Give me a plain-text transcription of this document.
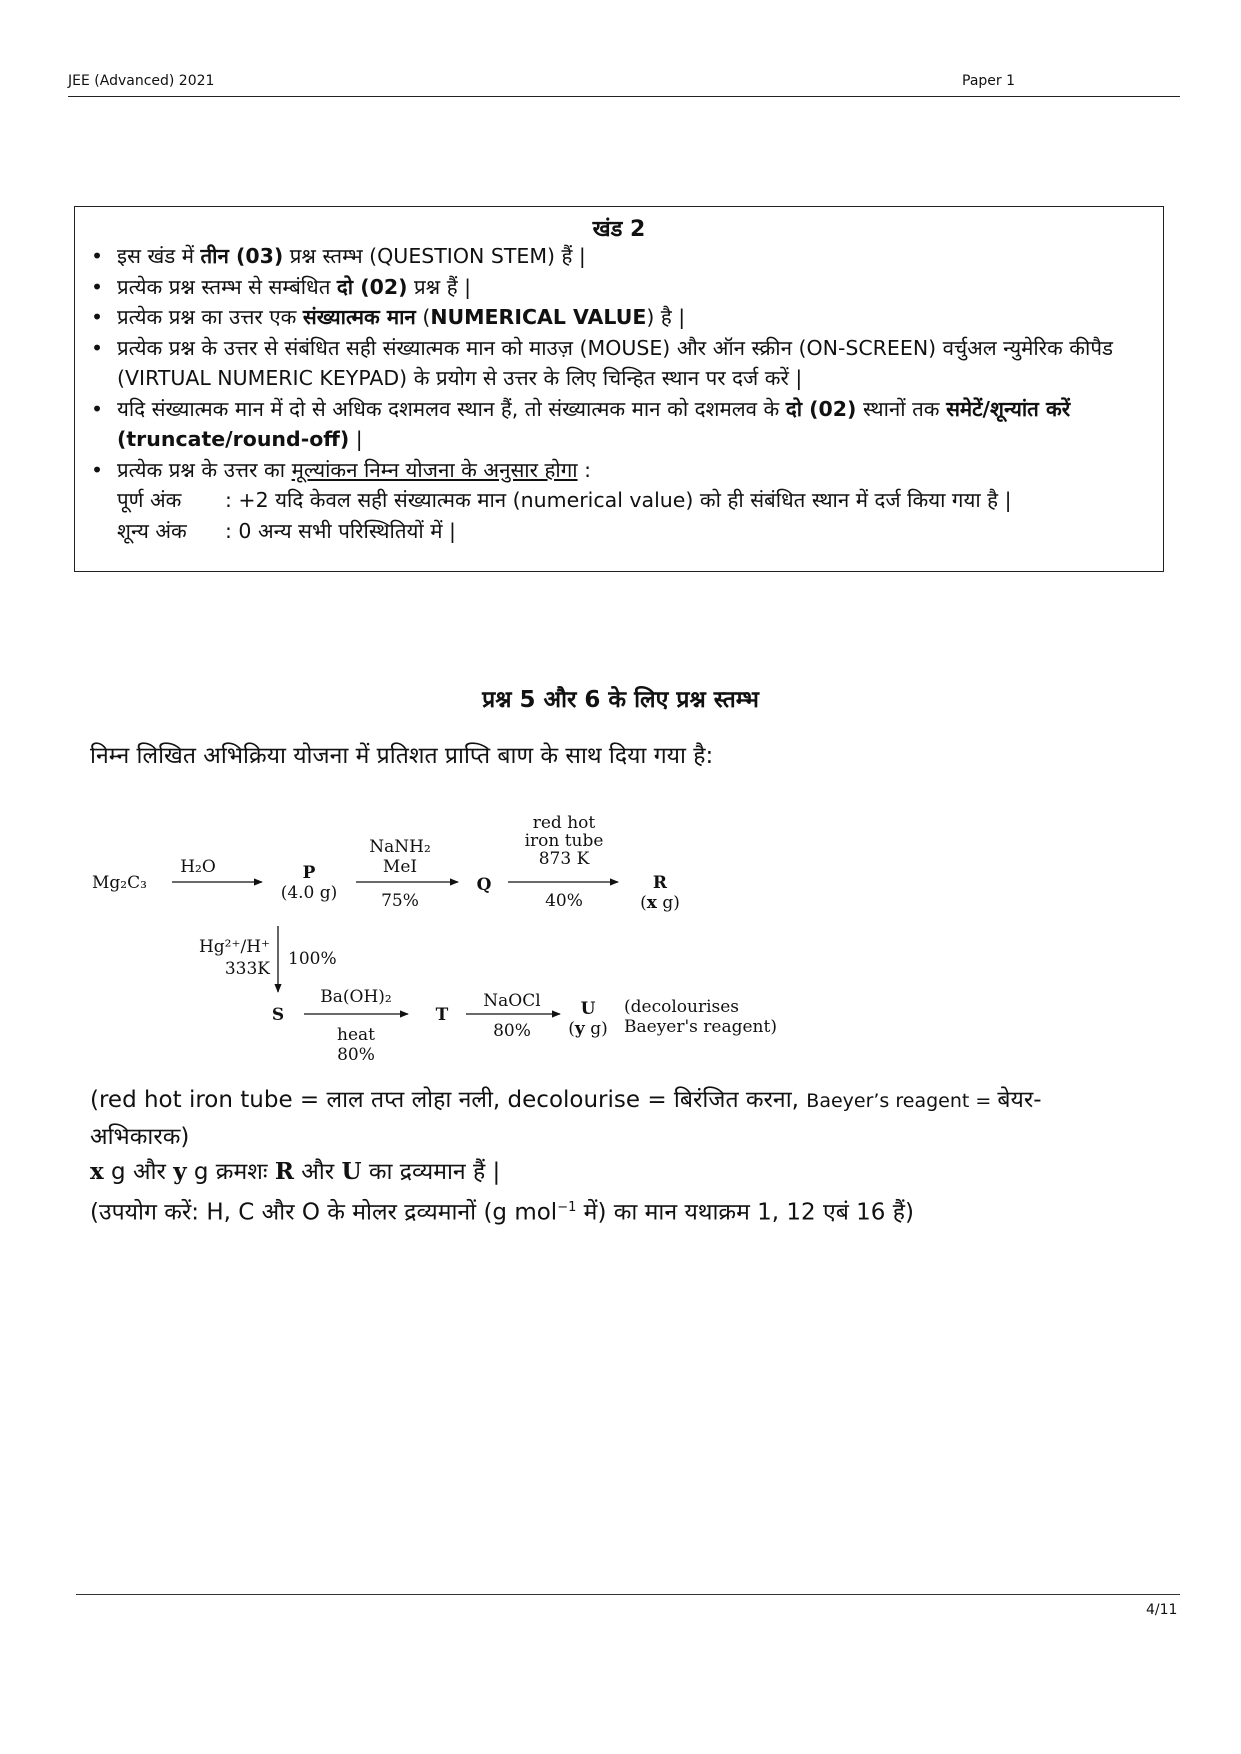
JEE (Advanced) 2021	Paper 1
खंड 2
• इस खंड में तीन (03) प्रश्न स्तम्भ (QUESTION STEM) हैं |
• प्रत्येक प्रश्न स्तम्भ से सम्बंधित दो (02) प्रश्न हैं |
• प्रत्येक प्रश्न का उत्तर एक संख्यात्मक मान (NUMERICAL VALUE) है |
• प्रत्येक प्रश्न के उत्तर से संबंधित सही संख्यात्मक मान को माउज़ (MOUSE) और ऑन स्क्रीन (ON-SCREEN) वर्चुअल न्युमेरिक कीपैड (VIRTUAL NUMERIC KEYPAD) के प्रयोग से उत्तर के लिए चिन्हित स्थान पर दर्ज करें |
• यदि संख्यात्मक मान में दो से अधिक दशमलव स्थान हैं, तो संख्यात्मक मान को दशमलव के दो (02) स्थानों तक समेटें/शून्यांत करें (truncate/round-off) |
• प्रत्येक प्रश्न के उत्तर का मूल्यांकन निम्न योजना के अनुसार होगा :
पूर्ण अंक	: +2 यदि केवल सही संख्यात्मक मान (numerical value) को ही संबंधित स्थान में दर्ज किया गया है |
शून्य अंक	: 0 अन्य सभी परिस्थितियों में |
प्रश्न 5 और 6 के लिए प्रश्न स्तम्भ
निम्न लिखित अभिक्रिया योजना में प्रतिशत प्राप्ति बाण के साथ दिया गया है:
Mg₂C₃
H₂O	P
(4.0 g)
NaNH₂
MeI
75%
Q
red hot
iron tube
873 K
40%
R
(x g)
Hg²⁺/H⁺
333K 100%
S
Ba(OH)₂
heat
80%
T
NaOCl
80%
U
(y g)
(decolourises
Baeyer's reagent)
(red hot iron tube = लाल तप्त लोहा नली, decolourise = बिरंजित करना, Baeyer’s reagent = बेयर-अभिकारक)
x g और y g क्रमशः R और U का द्रव्यमान हैं |
(उपयोग करें: H, C और O के मोलर द्रव्यमानों (g mol$^{-1}$ में) का मान यथाक्रम 1, 12 एबं 16 हैं)
4/11
